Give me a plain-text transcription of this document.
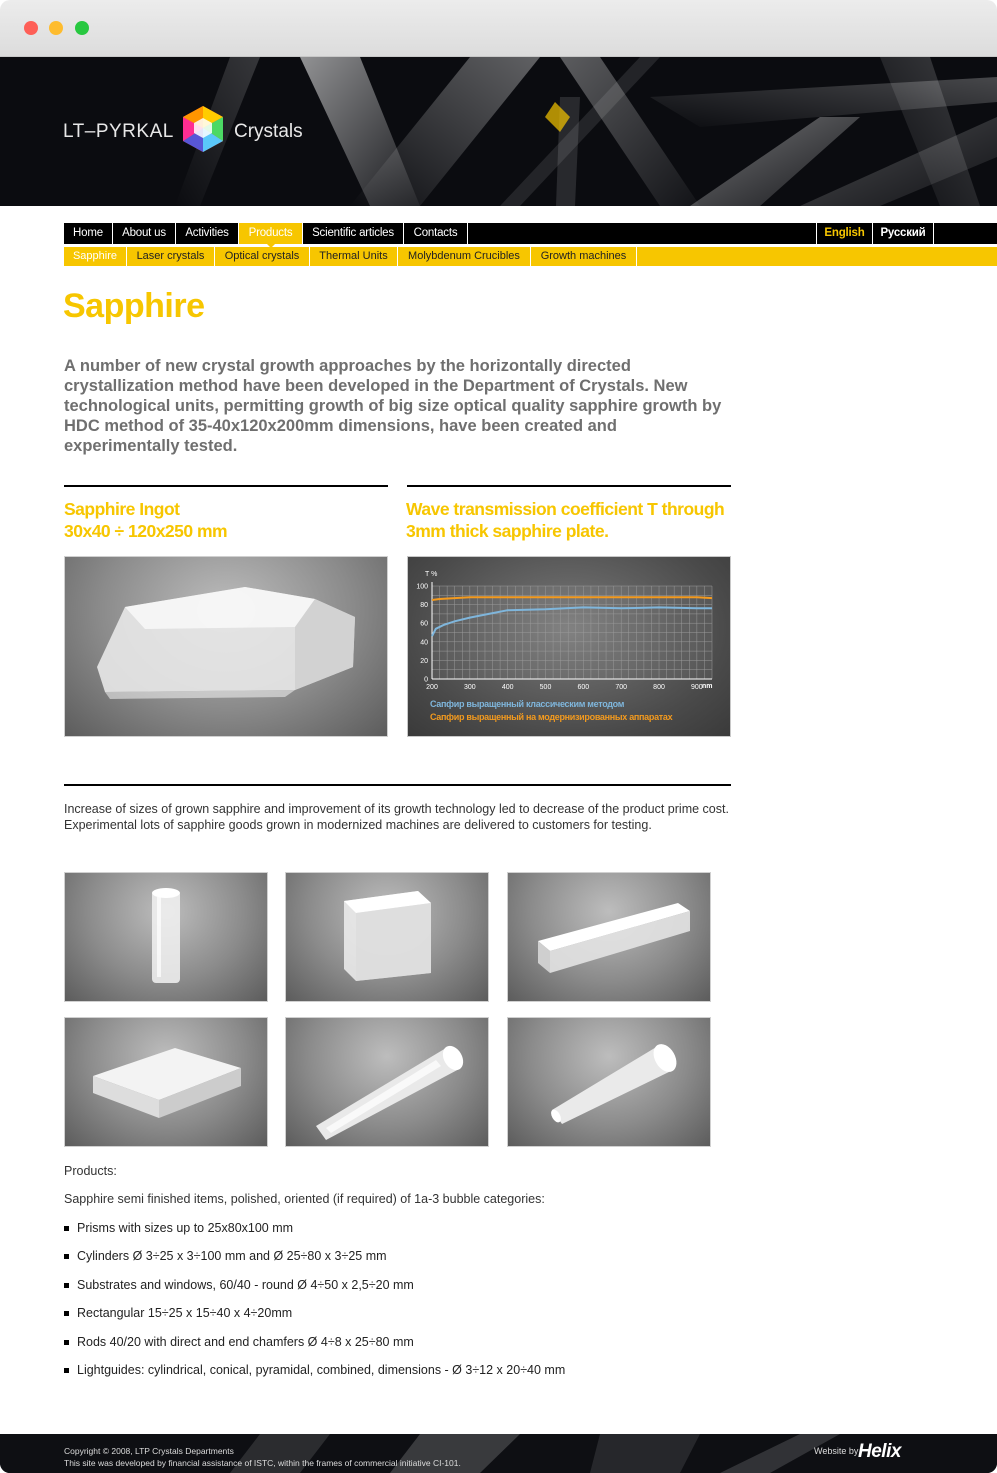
LT–PYRKAL	Crystals
Home	About us	Activities	Products	Scientific articles	Contacts	English	Русский
Sapphire	Laser crystals	Optical crystals	Thermal Units	Molybdenum Crucibles	Growth machines
Sapphire

A number of new crystal growth approaches by the horizontally directed crystallization method have been developed in the Department of Crystals. New technological units, permitting growth of big size optical quality sapphire growth by HDC method of 35-40x120x200mm dimensions, have been created and experimentally tested.

Sapphire Ingot
30x40 ÷ 120x250 mm
Wave transmission coefficient T through
3mm thick sapphire plate.
200	300	400	500	600	700	800	900
0
20
40
60
80
100
T %
nm
Сапфир выращенный классическим методом
Сапфир выращенный на модернизированных аппаратах

Increase of sizes of grown sapphire and improvement of its growth technology led to decrease of the product prime cost. Experimental lots of sapphire goods grown in modernized machines are delivered to customers for testing.

Products:
Sapphire semi finished items, polished, oriented (if required) of 1a-3 bubble categories:
Prisms with sizes up to 25x80x100 mm
Cylinders Ø 3÷25 x 3÷100 mm and Ø 25÷80 x 3÷25 mm
Substrates and windows, 60/40 - round Ø 4÷50 x 2,5÷20 mm
Rectangular 15÷25 x 15÷40 x 4÷20mm
Rods 40/20 with direct and end chamfers Ø 4÷8 x 25÷80 mm
Lightguides: cylindrical, conical, pyramidal, combined, dimensions - Ø 3÷12 x 20÷40 mm
Copyright © 2008, LTP Crystals Departments
This site was developed by financial assistance of ISTC, within the frames of commercial initiative CI-101.
Website by Helix
